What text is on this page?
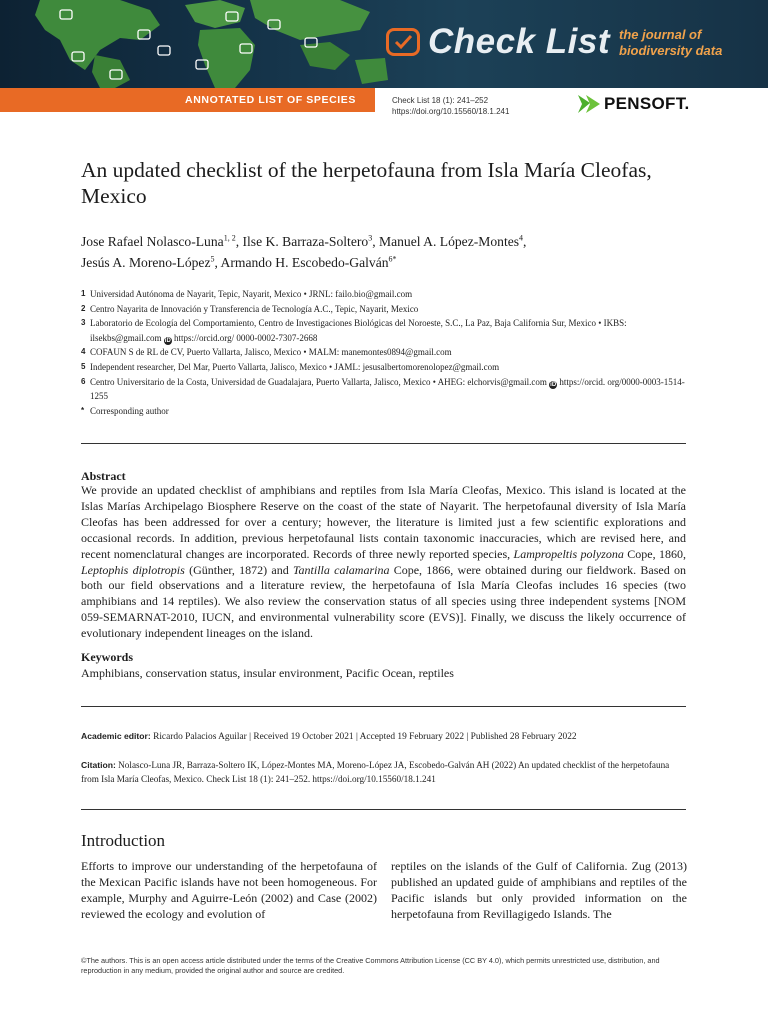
Check List the journal of
biodiversity data
ANNOTATED LIST OF SPECIES	Check List 18 (1): 241–252
https://doi.org/10.15560/18.1.241	PENSOFT.
An updated checklist of the herpetofauna from Isla María Cleofas, Mexico
Jose Rafael Nolasco-Luna$^{1, 2}$, Ilse K. Barraza-Soltero$^3$, Manuel A. López-Montes$^4$,
Jesús A. Moreno-López$^5$, Armando H. Escobedo-Galván$^{6*}$
1 Universidad Autónoma de Nayarit, Tepic, Nayarit, Mexico • JRNL: failo.bio@gmail.com
2 Centro Nayarita de Innovación y Transferencia de Tecnología A.C., Tepic, Nayarit, Mexico
3 Laboratorio de Ecología del Comportamiento, Centro de Investigaciones Biológicas del Noroeste, S.C., La Paz, Baja California Sur, Mexico • IKBS: ilsekbs@gmail.com iD https://orcid.org/ 0000-0002-7307-2668
4 COFAUN S de RL de CV, Puerto Vallarta, Jalisco, Mexico • MALM: manemontes0894@gmail.com
5 Independent researcher, Del Mar, Puerto Vallarta, Jalisco, Mexico • JAML: jesusalbertomorenolopez@gmail.com
6 Centro Universitario de la Costa, Universidad de Guadalajara, Puerto Vallarta, Jalisco, Mexico • AHEG: elchorvis@gmail.com iD https://orcid. org/0000-0003-1514-1255
* Corresponding author
Abstract

We provide an updated checklist of amphibians and reptiles from Isla María Cleofas, Mexico. This island is located at the Islas Marías Archipelago Biosphere Reserve on the coast of the state of Nayarit. The herpetofaunal diversity of Isla María Cleofas has been addressed for over a century; however, the literature is limited just a few scientific explorations and occasional records. In addition, previous herpetofaunal lists contain taxonomic inaccuracies, which are revised here, and recent nomenclatural changes are incorporated. Records of three newly reported species, Lampropeltis polyzona Cope, 1860, Leptophis diplotropis (Günther, 1872) and Tantilla calamarina Cope, 1866, were obtained during our fieldwork. Based on both our field observations and a literature review, the herpetofauna of Isla María Cleofas includes 16 species (two amphibians and 14 reptiles). We also review the conservation status of all species using three independent systems [NOM 059-SEMARNAT-2010, IUCN, and environmental vulnerability score (EVS)]. Finally, we discuss the likely occurrence of evolutionary independent lineages on the island.

Keywords
Amphibians, conservation status, insular environment, Pacific Ocean, reptiles
Academic editor: Ricardo Palacios Aguilar | Received 19 October 2021 | Accepted 19 February 2022 | Published 28 February 2022
Citation: Nolasco-Luna JR, Barraza-Soltero IK, López-Montes MA, Moreno-López JA, Escobedo-Galván AH (2022) An updated checklist of the herpetofauna from Isla María Cleofas, Mexico. Check List 18 (1): 241–252. https://doi.org/10.15560/18.1.241
Introduction

Efforts to improve our understanding of the herpetofauna of the Mexican Pacific islands have not been homogeneous. For example, Murphy and Aguirre-León (2002) and Case (2002) reviewed the ecology and evolution of

reptiles on the islands of the Gulf of California. Zug (2013) published an updated guide of amphibians and reptiles of the Pacific islands but only provided information on the herpetofauna from Revillagigedo Islands. The

©The authors. This is an open access article distributed under the terms of the Creative Commons Attribution License (CC BY 4.0), which permits unrestricted use, distribution, and reproduction in any medium, provided the original author and source are credited.
